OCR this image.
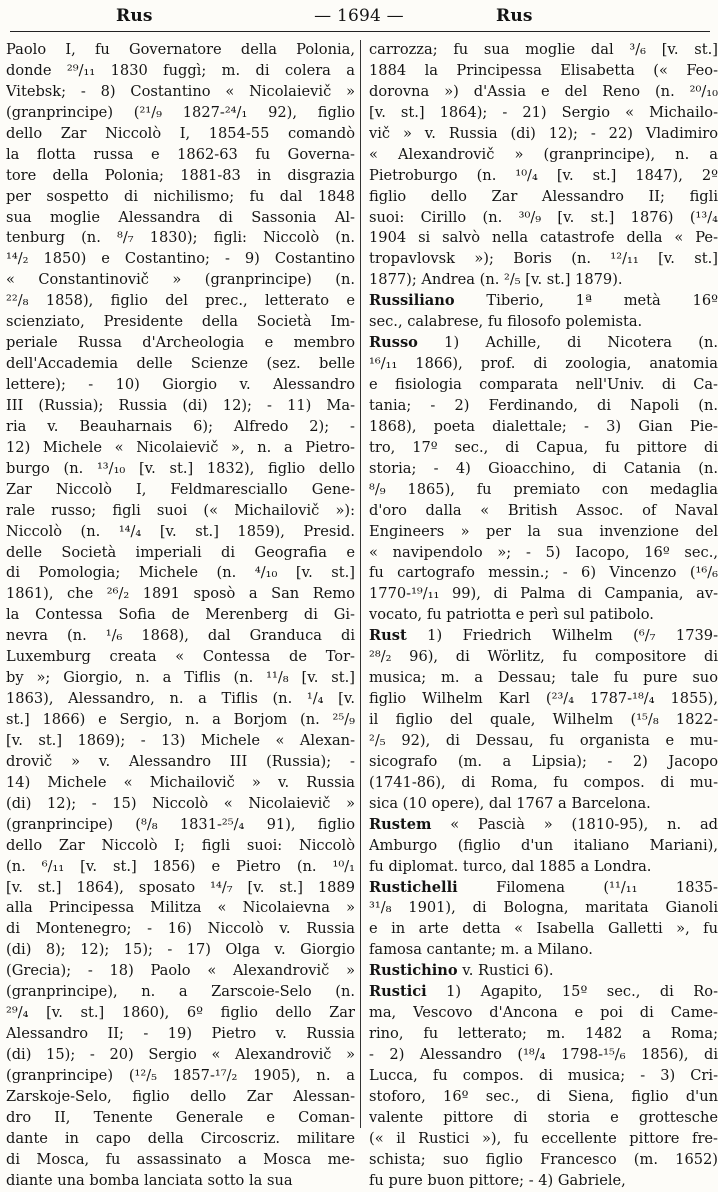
Rus	— 1694 —	Rus
Paolo I, fu Governatore della Polonia,
donde ²⁹/₁₁ 1830 fuggì; m. di colera a
Vitebsk; - 8) Costantino « Nicolaievič »
(granprincipe) (²¹/₉ 1827-²⁴/₁ 92), figlio
dello Zar Niccolò I, 1854-55 comandò
la flotta russa e 1862-63 fu Governa-
tore della Polonia; 1881-83 in disgrazia
per sospetto di nichilismo; fu dal 1848
sua moglie Alessandra di Sassonia Al-
tenburg (n. ⁸/₇ 1830); figli: Niccolò (n.
¹⁴/₂ 1850) e Costantino; - 9) Costantino
« Constantinovič » (granprincipe) (n.
²²/₈ 1858), figlio del prec., letterato e
scienziato, Presidente della Società Im-
periale Russa d'Archeologia e membro
dell'Accademia delle Scienze (sez. belle
lettere); - 10) Giorgio v. Alessandro
III (Russia); Russia (di) 12); - 11) Ma-
ria v. Beauharnais 6); Alfredo 2); -
12) Michele « Nicolaievič », n. a Pietro-
burgo (n. ¹³/₁₀ [v. st.] 1832), figlio dello
Zar Niccolò I, Feldmaresciallo Gene-
rale russo; figli suoi (« Michailovič »):
Niccolò (n. ¹⁴/₄ [v. st.] 1859), Presid.
delle Società imperiali di Geografia e
di Pomologia; Michele (n. ⁴/₁₀ [v. st.]
1861), che ²⁶/₂ 1891 sposò a San Remo
la Contessa Sofia de Merenberg di Gi-
nevra (n. ¹/₆ 1868), dal Granduca di
Luxemburg creata « Contessa de Tor-
by »; Giorgio, n. a Tiflis (n. ¹¹/₈ [v. st.]
1863), Alessandro, n. a Tiflis (n. ¹/₄ [v.
st.] 1866) e Sergio, n. a Borjom (n. ²⁵/₉
[v. st.] 1869); - 13) Michele « Alexan-
drovič » v. Alessandro III (Russia); -
14) Michele « Michailovič » v. Russia
(di) 12); - 15) Niccolò « Nicolaievič »
(granprincipe) (⁸/₈ 1831-²⁵/₄ 91), figlio
dello Zar Niccolò I; figli suoi: Niccolò
(n. ⁶/₁₁ [v. st.] 1856) e Pietro (n. ¹⁰/₁
[v. st.] 1864), sposato ¹⁴/₇ [v. st.] 1889
alla Principessa Militza « Nicolaievna »
di Montenegro; - 16) Niccolò v. Russia
(di) 8); 12); 15); - 17) Olga v. Giorgio
(Grecia); - 18) Paolo « Alexandrovič »
(granprincipe), n. a Zarscoie-Selo (n.
²⁹/₄ [v. st.] 1860), 6º figlio dello Zar
Alessandro II; - 19) Pietro v. Russia
(di) 15); - 20) Sergio « Alexandrovič »
(granprincipe) (¹²/₅ 1857-¹⁷/₂ 1905), n. a
Zarskoje-Selo, figlio dello Zar Alessan-
dro II, Tenente Generale e Coman-
dante in capo della Circoscriz. militare
di Mosca, fu assassinato a Mosca me-
diante una bomba lanciata sotto la sua
carrozza; fu sua moglie dal ³/₆ [v. st.]
1884 la Principessa Elisabetta (« Feo-
dorovna ») d'Assia e del Reno (n. ²⁰/₁₀
[v. st.] 1864); - 21) Sergio « Michailo-
vič » v. Russia (di) 12); - 22) Vladimiro
« Alexandrovič » (granprincipe), n. a
Pietroburgo (n. ¹⁰/₄ [v. st.] 1847), 2º
figlio dello Zar Alessandro II; figli
suoi: Cirillo (n. ³⁰/₉ [v. st.] 1876) (¹³/₄
1904 si salvò nella catastrofe della « Pe-
tropavlovsk »); Boris (n. ¹²/₁₁ [v. st.]
1877); Andrea (n. ²/₅ [v. st.] 1879).
Russiliano Tiberio, 1ª metà 16º
sec., calabrese, fu filosofo polemista.
Russo 1) Achille, di Nicotera (n.
¹⁶/₁₁ 1866), prof. di zoologia, anatomia
e fisiologia comparata nell'Univ. di Ca-
tania; - 2) Ferdinando, di Napoli (n.
1868), poeta dialettale; - 3) Gian Pie-
tro, 17º sec., di Capua, fu pittore di
storia; - 4) Gioacchino, di Catania (n.
⁸/₉ 1865), fu premiato con medaglia
d'oro dalla « British Assoc. of Naval
Engineers » per la sua invenzione del
« navipendolo »; - 5) Iacopo, 16º sec.,
fu cartografo messin.; - 6) Vincenzo (¹⁶/₆
1770-¹⁹/₁₁ 99), di Palma di Campania, av-
vocato, fu patriotta e perì sul patibolo.
Rust 1) Friedrich Wilhelm (⁶/₇ 1739-
²⁸/₂ 96), di Wörlitz, fu compositore di
musica; m. a Dessau; tale fu pure suo
figlio Wilhelm Karl (²³/₄ 1787-¹⁸/₄ 1855),
il figlio del quale, Wilhelm (¹⁵/₈ 1822-
²/₅ 92), di Dessau, fu organista e mu-
sicografo (m. a Lipsia); - 2) Jacopo
(1741-86), di Roma, fu compos. di mu-
sica (10 opere), dal 1767 a Barcelona.
Rustem « Pascià » (1810-95), n. ad
Amburgo (figlio d'un italiano Mariani),
fu diplomat. turco, dal 1885 a Londra.
Rustichelli Filomena (¹¹/₁₁ 1835-
³¹/₈ 1901), di Bologna, maritata Gianoli
e in arte detta « Isabella Galletti », fu
famosa cantante; m. a Milano.
Rustichino v. Rustici 6).
Rustici 1) Agapito, 15º sec., di Ro-
ma, Vescovo d'Ancona e poi di Came-
rino, fu letterato; m. 1482 a Roma;
- 2) Alessandro (¹⁸/₄ 1798-¹⁵/₆ 1856), di
Lucca, fu compos. di musica; - 3) Cri-
stoforo, 16º sec., di Siena, figlio d'un
valente pittore di storia e grottesche
(« il Rustici »), fu eccellente pittore fre-
schista; suo figlio Francesco (m. 1652)
fu pure buon pittore; - 4) Gabriele,
